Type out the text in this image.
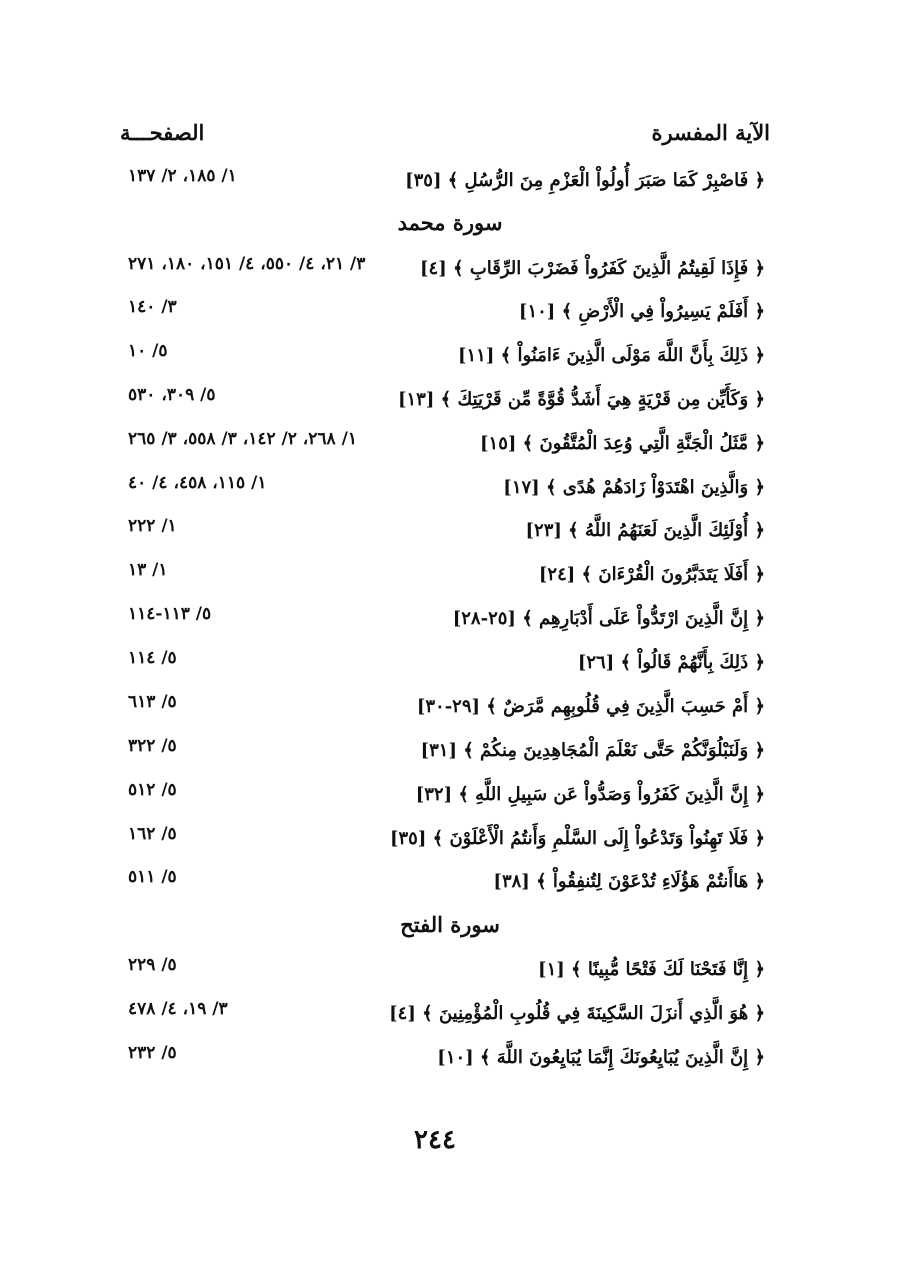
الآية المفسرة
الصفحـــة
﴿ فَاصْبِرْ كَمَا صَبَرَ أُولُواْ الْعَزْمِ مِنَ الرُّسُلِ ﴾ [٣٥]
١/ ١٨٥، ٢/ ١٣٧
سورة محمد
﴿ فَإِذَا لَقِيتُمُ الَّذِينَ كَفَرُواْ فَضَرْبَ الرِّقَابِ ﴾ [٤]
٣/ ٢١، ٤/ ٥٥٠، ٤/ ١٥١، ١٨٠، ٢٧١
﴿ أَفَلَمْ يَسِيرُواْ فِي الْأَرْضِ ﴾ [١٠]
٣/ ١٤٠
﴿ ذَلِكَ بِأَنَّ اللَّهَ مَوْلَى الَّذِينَ ءَامَنُواْ ﴾ [١١]
٥/ ١٠
﴿ وَكَأَيِّن مِن قَرْيَةٍ هِيَ أَشَدُّ قُوَّةً مِّن قَرْيَتِكَ ﴾ [١٣]
٥/ ٣٠٩، ٥٣٠
﴿ مَّثَلُ الْجَنَّةِ الَّتِي وُعِدَ الْمُتَّقُونَ ﴾ [١٥]
١/ ٢٦٨، ٢/ ١٤٢، ٣/ ٥٥٨، ٣/ ٢٦٥
﴿ وَالَّذِينَ اهْتَدَوْاْ زَادَهُمْ هُدًى ﴾ [١٧]
١/ ١١٥، ٤٥٨، ٤/ ٤٠
﴿ أُوْلَئِكَ الَّذِينَ لَعَنَهُمُ اللَّهُ ﴾ [٢٣]
١/ ٢٢٢
﴿ أَفَلَا يَتَدَبَّرُونَ الْقُرْءَانَ ﴾ [٢٤]
١/ ١٣
﴿ إِنَّ الَّذِينَ ارْتَدُّواْ عَلَى أَدْبَارِهِم ﴾ [٢٥-٢٨]
٥/ ١١٣-١١٤
﴿ ذَلِكَ بِأَنَّهُمْ قَالُواْ ﴾ [٢٦]
٥/ ١١٤
﴿ أَمْ حَسِبَ الَّذِينَ فِي قُلُوبِهِم مَّرَضٌ ﴾ [٢٩-٣٠]
٥/ ٦١٣
﴿ وَلَنَبْلُوَنَّكُمْ حَتَّى نَعْلَمَ الْمُجَاهِدِينَ مِنكُمْ ﴾ [٣١]
٥/ ٣٢٢
﴿ إِنَّ الَّذِينَ كَفَرُواْ وَصَدُّواْ عَن سَبِيلِ اللَّهِ ﴾ [٣٢]
٥/ ٥١٢
﴿ فَلَا تَهِنُواْ وَتَدْعُواْ إِلَى السَّلْمِ وَأَنتُمُ الْأَعْلَوْنَ ﴾ [٣٥]
٥/ ١٦٢
﴿ هَاأَنتُمْ هَؤُلَاءِ تُدْعَوْنَ لِتُنفِقُواْ ﴾ [٣٨]
٥/ ٥١١
سورة الفتح
﴿ إِنَّا فَتَحْنَا لَكَ فَتْحًا مُّبِينًا ﴾ [١]
٥/ ٢٢٩
﴿ هُوَ الَّذِي أَنزَلَ السَّكِينَةَ فِي قُلُوبِ الْمُؤْمِنِينَ ﴾ [٤]
٣/ ١٩، ٤/ ٤٧٨
﴿ إِنَّ الَّذِينَ يُبَايِعُونَكَ إِنَّمَا يُبَايِعُونَ اللَّهَ ﴾ [١٠]
٥/ ٢٣٢
٢٤٤
